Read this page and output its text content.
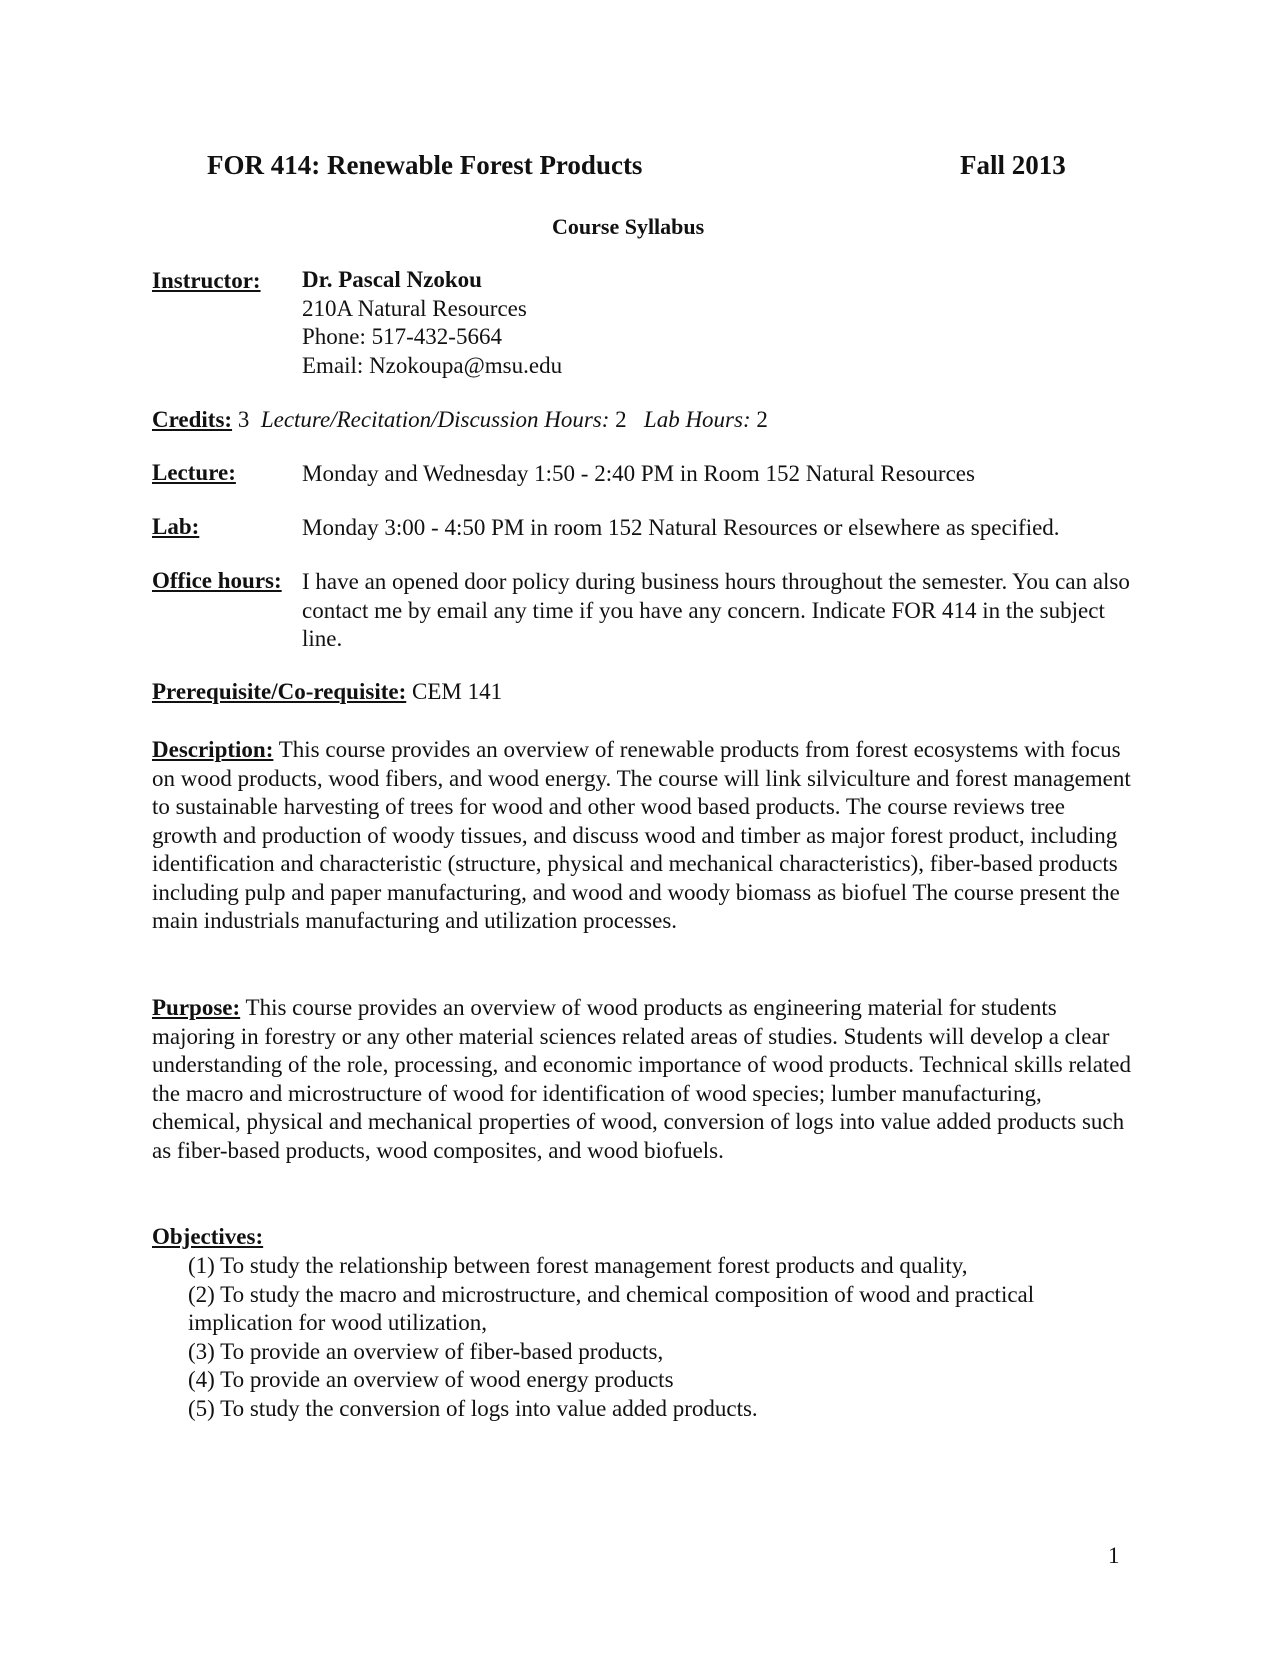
FOR 414: Renewable Forest Products	Fall 2013
Course Syllabus
Instructor: Dr. Pascal Nzokou
210A Natural Resources
Phone: 517-432-5664
Email: Nzokoupa@msu.edu
Credits: 3 Lecture/Recitation/Discussion Hours: 2 Lab Hours: 2
Lecture:	Monday and Wednesday 1:50 - 2:40 PM in Room 152 Natural Resources
Lab:	Monday 3:00 - 4:50 PM in room 152 Natural Resources or elsewhere as specified.
Office hours: I have an opened door policy during business hours throughout the semester. You can also contact me by email any time if you have any concern. Indicate FOR 414 in the subject line.
Prerequisite/Co-requisite: CEM 141
Description: This course provides an overview of renewable products from forest ecosystems with focus on wood products, wood fibers, and wood energy. The course will link silviculture and forest management to sustainable harvesting of trees for wood and other wood based products. The course reviews tree growth and production of woody tissues, and discuss wood and timber as major forest product, including identification and characteristic (structure, physical and mechanical characteristics), fiber-based products including pulp and paper manufacturing, and wood and woody biomass as biofuel The course present the main industrials manufacturing and utilization processes.
Purpose: This course provides an overview of wood products as engineering material for students majoring in forestry or any other material sciences related areas of studies. Students will develop a clear understanding of the role, processing, and economic importance of wood products. Technical skills related the macro and microstructure of wood for identification of wood species; lumber manufacturing, chemical, physical and mechanical properties of wood, conversion of logs into value added products such as fiber-based products, wood composites, and wood biofuels.
Objectives:
(1) To study the relationship between forest management forest products and quality,
(2) To study the macro and microstructure, and chemical composition of wood and practical
implication for wood utilization,
(3) To provide an overview of fiber-based products,
(4) To provide an overview of wood energy products
(5) To study the conversion of logs into value added products.
1
